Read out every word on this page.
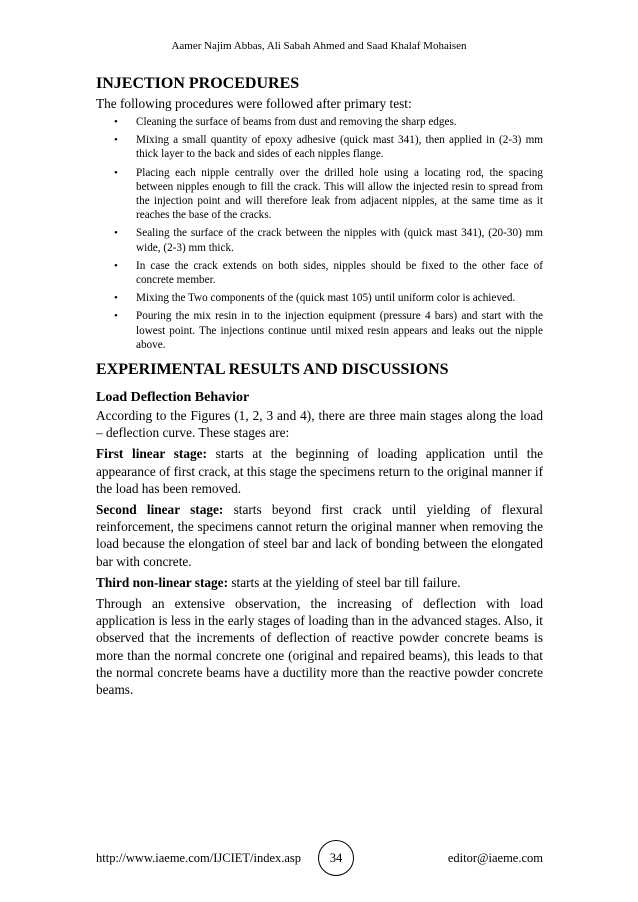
Aamer Najim Abbas, Ali Sabah Ahmed and Saad Khalaf Mohaisen
INJECTION PROCEDURES

The following procedures were followed after primary test:

• Cleaning the surface of beams from dust and removing the sharp edges.
• Mixing a small quantity of epoxy adhesive (quick mast 341), then applied in (2-3) mm thick layer to the back and sides of each nipples flange.
• Placing each nipple centrally over the drilled hole using a locating rod, the spacing between nipples enough to fill the crack. This will allow the injected resin to spread from the injection point and will therefore leak from adjacent nipples, at the same time as it reaches the base of the cracks.
• Sealing the surface of the crack between the nipples with (quick mast 341), (20-30) mm wide, (2-3) mm thick.
• In case the crack extends on both sides, nipples should be fixed to the other face of concrete member.
• Mixing the Two components of the (quick mast 105) until uniform color is achieved.
• Pouring the mix resin in to the injection equipment (pressure 4 bars) and start with the lowest point. The injections continue until mixed resin appears and leaks out the nipple above.
EXPERIMENTAL RESULTS AND DISCUSSIONS
Load Deflection Behavior

According to the Figures (1, 2, 3 and 4), there are three main stages along the load – deflection curve. These stages are:

First linear stage: starts at the beginning of loading application until the appearance of first crack, at this stage the specimens return to the original manner if the load has been removed.

Second linear stage: starts beyond first crack until yielding of flexural reinforcement, the specimens cannot return the original manner when removing the load because the elongation of steel bar and lack of bonding between the elongated bar with concrete.

Third non-linear stage: starts at the yielding of steel bar till failure.

Through an extensive observation, the increasing of deflection with load application is less in the early stages of loading than in the advanced stages. Also, it observed that the increments of deflection of reactive powder concrete beams is more than the normal concrete one (original and repaired beams), this leads to that the normal concrete beams have a ductility more than the reactive powder concrete beams.

http://www.iaeme.com/IJCIET/index.asp	34	editor@iaeme.com
